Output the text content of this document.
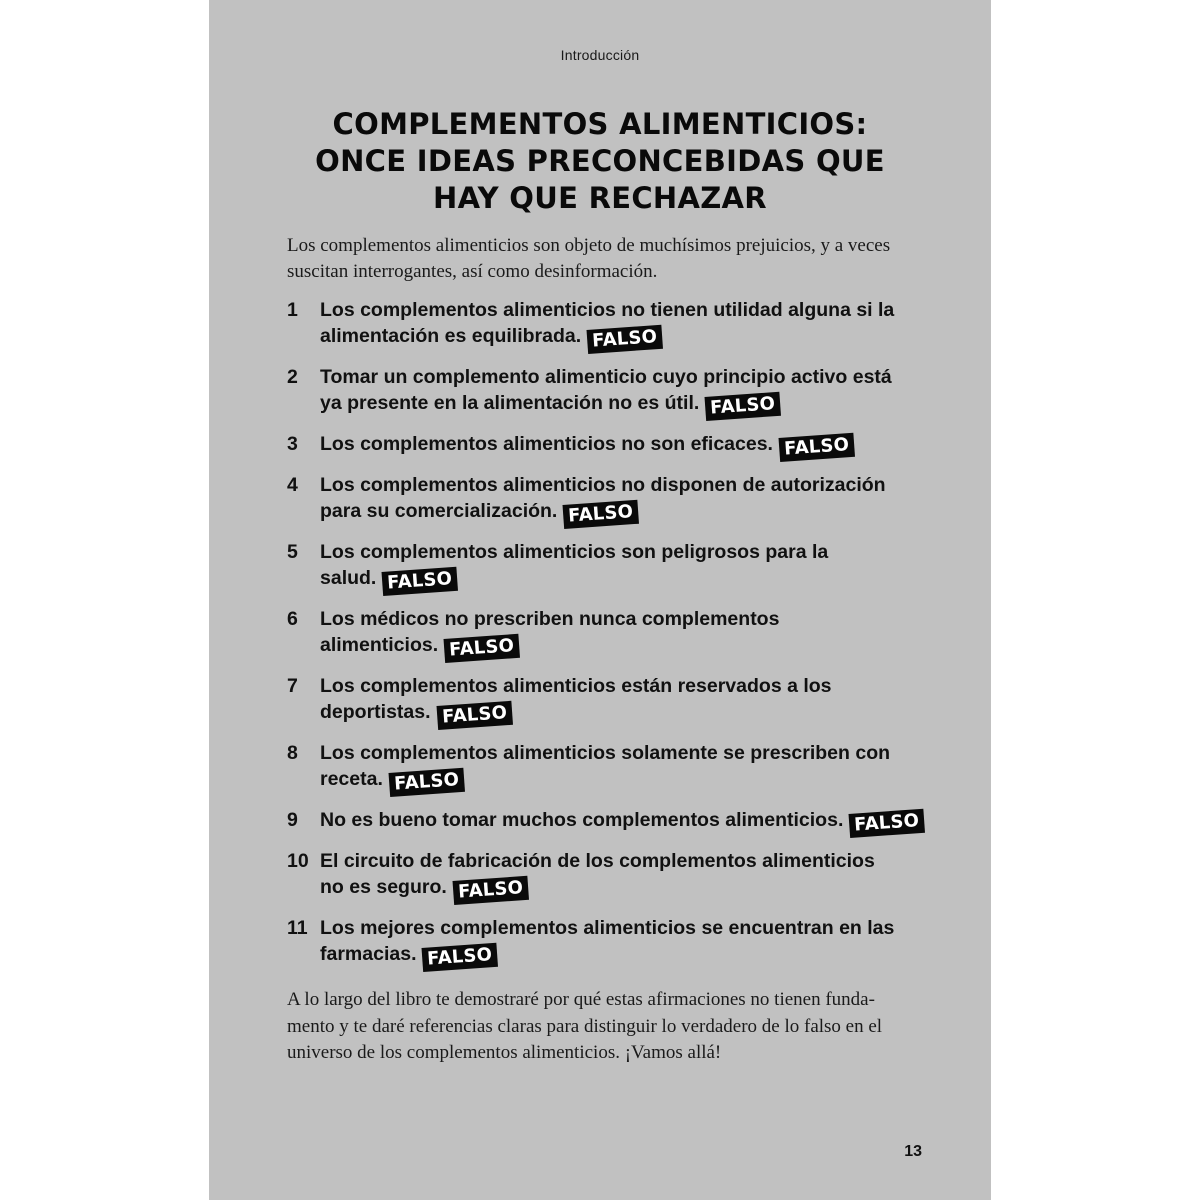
Introducción
COMPLEMENTOS ALIMENTICIOS:
ONCE IDEAS PRECONCEBIDAS QUE
HAY QUE RECHAZAR
Los complementos alimenticios son objeto de muchísimos prejuicios, y a veces
suscitan interrogantes, así como desinformación.
1 Los complementos alimenticios no tienen utilidad alguna si la
alimentación es equilibrada. FALSO
2 Tomar un complemento alimenticio cuyo principio activo está
ya presente en la alimentación no es útil. FALSO
3 Los complementos alimenticios no son eficaces. FALSO
4 Los complementos alimenticios no disponen de autorización
para su comercialización. FALSO
5 Los complementos alimenticios son peligrosos para la
salud. FALSO
6 Los médicos no prescriben nunca complementos
alimenticios. FALSO
7 Los complementos alimenticios están reservados a los
deportistas. FALSO
8 Los complementos alimenticios solamente se prescriben con
receta. FALSO
9 No es bueno tomar muchos complementos alimenticios. FALSO
10 El circuito de fabricación de los complementos alimenticios
no es seguro. FALSO
11 Los mejores complementos alimenticios se encuentran en las
farmacias. FALSO
A lo largo del libro te demostraré por qué estas afirmaciones no tienen funda-
mento y te daré referencias claras para distinguir lo verdadero de lo falso en el
universo de los complementos alimenticios. ¡Vamos allá!
13
